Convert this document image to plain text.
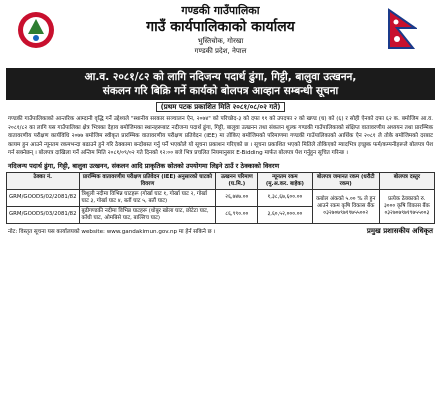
गण्डकी गाउँपालिका
गाउँ कार्यपालिकाको कार्यालय
भुस्तिचोक, गोरखा
गण्डकी प्रदेश, नेपाल
आ.व. २०८१/८२ को लागि नदिजन्य पदार्थ ढुंगा, गिट्टी, बालुवा उत्खनन,
संकलन गरि बिक्रि गर्ने कार्यको बोलपत्र आव्हान सम्बन्धी सूचना
(प्रथम पटक प्रकाशित मिति २०८१/०८/०२ गते)
गण्डकी गाउँपालिकाको आन्तरिक आम्दानी वृद्धि गर्ने उद्देश्यले "स्थानीय सरकार सञ्चालन ऐन, २०७४" को परिच्छेद-३ को दफा ११ को उपदफा २ को खण्ड (ध) को (६) र सोही ऐनको दफा ६२ क. बमोजिम आ.व. २०८१/८२ का लागि यस गाउँपालिका क्षेत्र भित्रका देहाय बमोजिमका स्थानहरूबाट नदीजन्य पदार्थ ढुंगा, गिट्टी, बालुवा उत्खनन तथा संकलन शुल्क गण्डकी गाउँपालिकाको संक्षिप्त वातावरणीय अध्ययन तथा प्रारम्भिक वातावरणीय परीक्षण कार्यविधि २०७७ बमोजिम स्वीकृत प्रारम्भिक वातावरणीय परीक्षण प्रतिवेदन (IEE) मा तोकिए बमोजिमको परिमाणमा गण्डकी गाउँपालिकाको आर्थिक ऐन २०८१ ले तोके बमोजिमको दरबाट कायम हुन आउने न्यूनतम रकमभन्दा बढाउने हुने गरि ठेक्कामा बन्दोबस्त गर्नु पर्ने भएकोले यो सूचना प्रकाशन गरिएको छ । सूचना प्रकाशित भएको मितिले तोकिएको म्यादभित्र इच्छुक फर्म/कम्पनीहरूले बोलपत्र पेश गर्न सक्नेछन् । बोलपत्र दाखिला गर्ने अन्तिम मिति २०८१/०९/०२ गते दिनको १२:०० बजे भित्र प्रचलित नियमानुसार E-Bidding मार्फत बोलपत्र पेश गर्नुहुन सूचित गरिन्छ ।
नदिजन्य पदार्थ ढुंगा, गिट्टी, बालुवा उत्खनन, संकलन आदि प्राकृतिक स्रोतको उपयोगमा लिइने ठाउँ र ठेक्काको विवरण
ठेक्का नं.	प्रारम्भिक वातावरणीय परीक्षण प्रतिवेदन (IEE) अनुसारको घाटको विवरण	उत्खनन परिमाण (घ.मि.)	न्यूनतम रकम (मु.अ.कर. बाहेक)	बोलपत्र जमानत रकम (धरौटी रकम)	बोलपत्र दस्तुर
GRM/GOODS/02/2081/82	त्रिशुली नदीमा विभिन्न घाटहरू (गोर्खा घाट १, गोर्खा घाट २, गोर्खा घाट ३, गोर्खा घाट ४, बतौं घाट ५, बतौं घाट)	२६,७४७.००	१,३८,६७,६००.००	कबोल अंकको ५.०० % ले हुन आउने रकम कृषि विकास बैंक ०३२७०७९७१९७५५००२	प्रत्येक ठेक्काको रु. ३००० कृषि विकास बैंक ०३२७०७९७१९७५५००३
GRM/GOODS/03/2081/82	बुढीगण्डकी नदीमा विभिन्न घाटहरू (धोबुर खोला घाट, छोटेटा घाट, काँधी घाट, ओमबिसे घाट, बाल्लिच घाट)	८६,९९०.००	३,६०,५२,०००.००		
नोट: विस्तृत सूचना यस कार्यालयको website: www.gandakimun.gov.np मा हेर्न सकिने छ ।	प्रमुख प्रशासकीय अधिकृत
